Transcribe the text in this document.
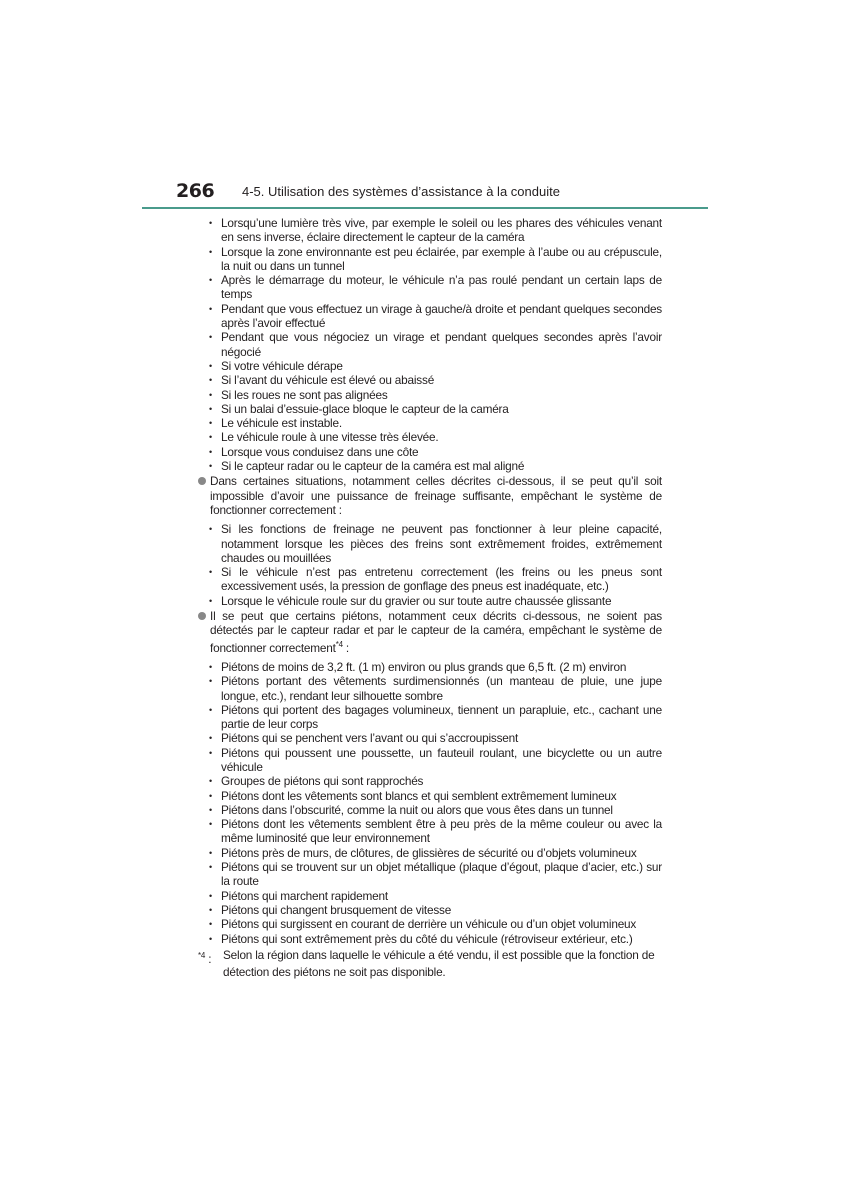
266 4-5. Utilisation des systèmes d’assistance à la conduite
• Lorsqu’une lumière très vive, par exemple le soleil ou les phares des véhicules venant en sens inverse, éclaire directement le capteur de la caméra
• Lorsque la zone environnante est peu éclairée, par exemple à l’aube ou au crépuscule, la nuit ou dans un tunnel
• Après le démarrage du moteur, le véhicule n’a pas roulé pendant un certain laps de temps
• Pendant que vous effectuez un virage à gauche/à droite et pendant quelques secondes après l’avoir effectué
• Pendant que vous négociez un virage et pendant quelques secondes après l’avoir négocié
• Si votre véhicule dérape
• Si l’avant du véhicule est élevé ou abaissé
• Si les roues ne sont pas alignées
• Si un balai d’essuie-glace bloque le capteur de la caméra
• Le véhicule est instable.
• Le véhicule roule à une vitesse très élevée.
• Lorsque vous conduisez dans une côte
• Si le capteur radar ou le capteur de la caméra est mal aligné
Dans certaines situations, notamment celles décrites ci-dessous, il se peut qu’il soit impossible d’avoir une puissance de freinage suffisante, empêchant le système de fonctionner correctement :
• Si les fonctions de freinage ne peuvent pas fonctionner à leur pleine capacité, notamment lorsque les pièces des freins sont extrêmement froides, extrêmement chaudes ou mouillées
• Si le véhicule n’est pas entretenu correctement (les freins ou les pneus sont excessivement usés, la pression de gonflage des pneus est inadéquate, etc.)
• Lorsque le véhicule roule sur du gravier ou sur toute autre chaussée glissante
Il se peut que certains piétons, notamment ceux décrits ci-dessous, ne soient pas détectés par le capteur radar et par le capteur de la caméra, empêchant le système de fonctionner correctement$^{*4}$ :
• Piétons de moins de 3,2 ft. (1 m) environ ou plus grands que 6,5 ft. (2 m) environ
• Piétons portant des vêtements surdimensionnés (un manteau de pluie, une jupe longue, etc.), rendant leur silhouette sombre
• Piétons qui portent des bagages volumineux, tiennent un parapluie, etc., cachant une partie de leur corps
• Piétons qui se penchent vers l’avant ou qui s’accroupissent
• Piétons qui poussent une poussette, un fauteuil roulant, une bicyclette ou un autre véhicule
• Groupes de piétons qui sont rapprochés
• Piétons dont les vêtements sont blancs et qui semblent extrêmement lumineux
• Piétons dans l’obscurité, comme la nuit ou alors que vous êtes dans un tunnel
• Piétons dont les vêtements semblent être à peu près de la même couleur ou avec la même luminosité que leur environnement
• Piétons près de murs, de clôtures, de glissières de sécurité ou d’objets volumineux
• Piétons qui se trouvent sur un objet métallique (plaque d’égout, plaque d’acier, etc.) sur la route
• Piétons qui marchent rapidement
• Piétons qui changent brusquement de vitesse
• Piétons qui surgissent en courant de derrière un véhicule ou d’un objet volumineux
• Piétons qui sont extrêmement près du côté du véhicule (rétroviseur extérieur, etc.)
$^{*4}$ : Selon la région dans laquelle le véhicule a été vendu, il est possible que la fonction de détection des piétons ne soit pas disponible.
